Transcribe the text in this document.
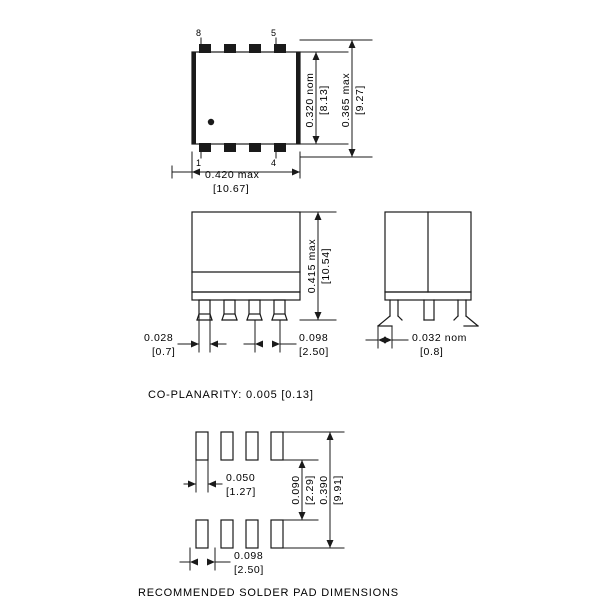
8	5
1	4
0.420 max
[10.67]
0.320 nom [8.13] 0.365 max [9.27]
0.415 max [10.54]
0.028
[0.7]
0.098
[2.50]
0.032 nom
[0.8]
CO-PLANARITY: 0.005 [0.13]
0.050
[1.27]	0.090 [2.29] 0.390 [9.91]
0.098
[2.50]
RECOMMENDED SOLDER PAD DIMENSIONS
